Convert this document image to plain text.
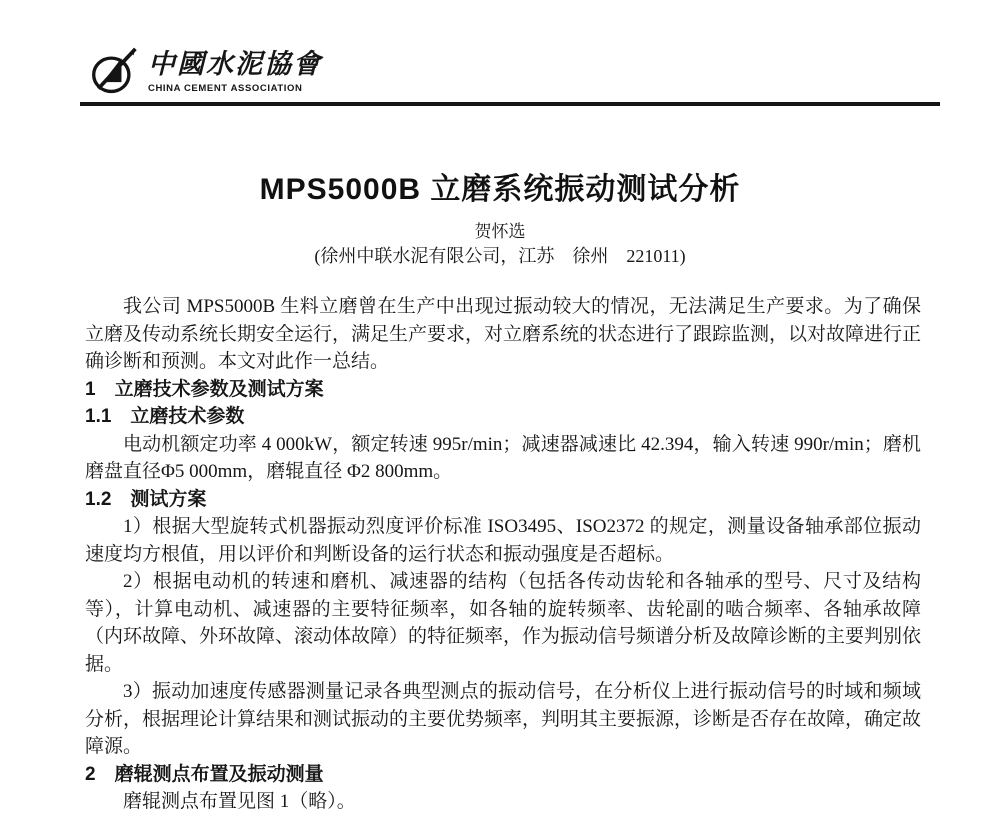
中國水泥協會
CHINA CEMENT ASSOCIATION
MPS5000B 立磨系统振动测试分析
贺怀选
(徐州中联水泥有限公司，江苏　徐州　221011)

我公司 MPS5000B 生料立磨曾在生产中出现过振动较大的情况，无法满足生产要求。为了确保立磨及传动系统长期安全运行，满足生产要求，对立磨系统的状态进行了跟踪监测，以对故障进行正确诊断和预测。本文对此作一总结。

1　立磨技术参数及测试方案

1.1　立磨技术参数

电动机额定功率 4 000kW，额定转速 995r/min；减速器减速比 42.394，输入转速 990r/min；磨机磨盘直径Φ5 000mm，磨辊直径 Φ2 800mm。

1.2　测试方案

1）根据大型旋转式机器振动烈度评价标准 ISO3495、ISO2372 的规定，测量设备轴承部位振动速度均方根值，用以评价和判断设备的运行状态和振动强度是否超标。

2）根据电动机的转速和磨机、减速器的结构（包括各传动齿轮和各轴承的型号、尺寸及结构等），计算电动机、减速器的主要特征频率，如各轴的旋转频率、齿轮副的啮合频率、各轴承故障（内环故障、外环故障、滚动体故障）的特征频率，作为振动信号频谱分析及故障诊断的主要判别依据。

3）振动加速度传感器测量记录各典型测点的振动信号，在分析仪上进行振动信号的时域和频域分析，根据理论计算结果和测试振动的主要优势频率，判明其主要振源，诊断是否存在故障，确定故障源。

2　磨辊测点布置及振动测量

磨辊测点布置见图 1（略）。
